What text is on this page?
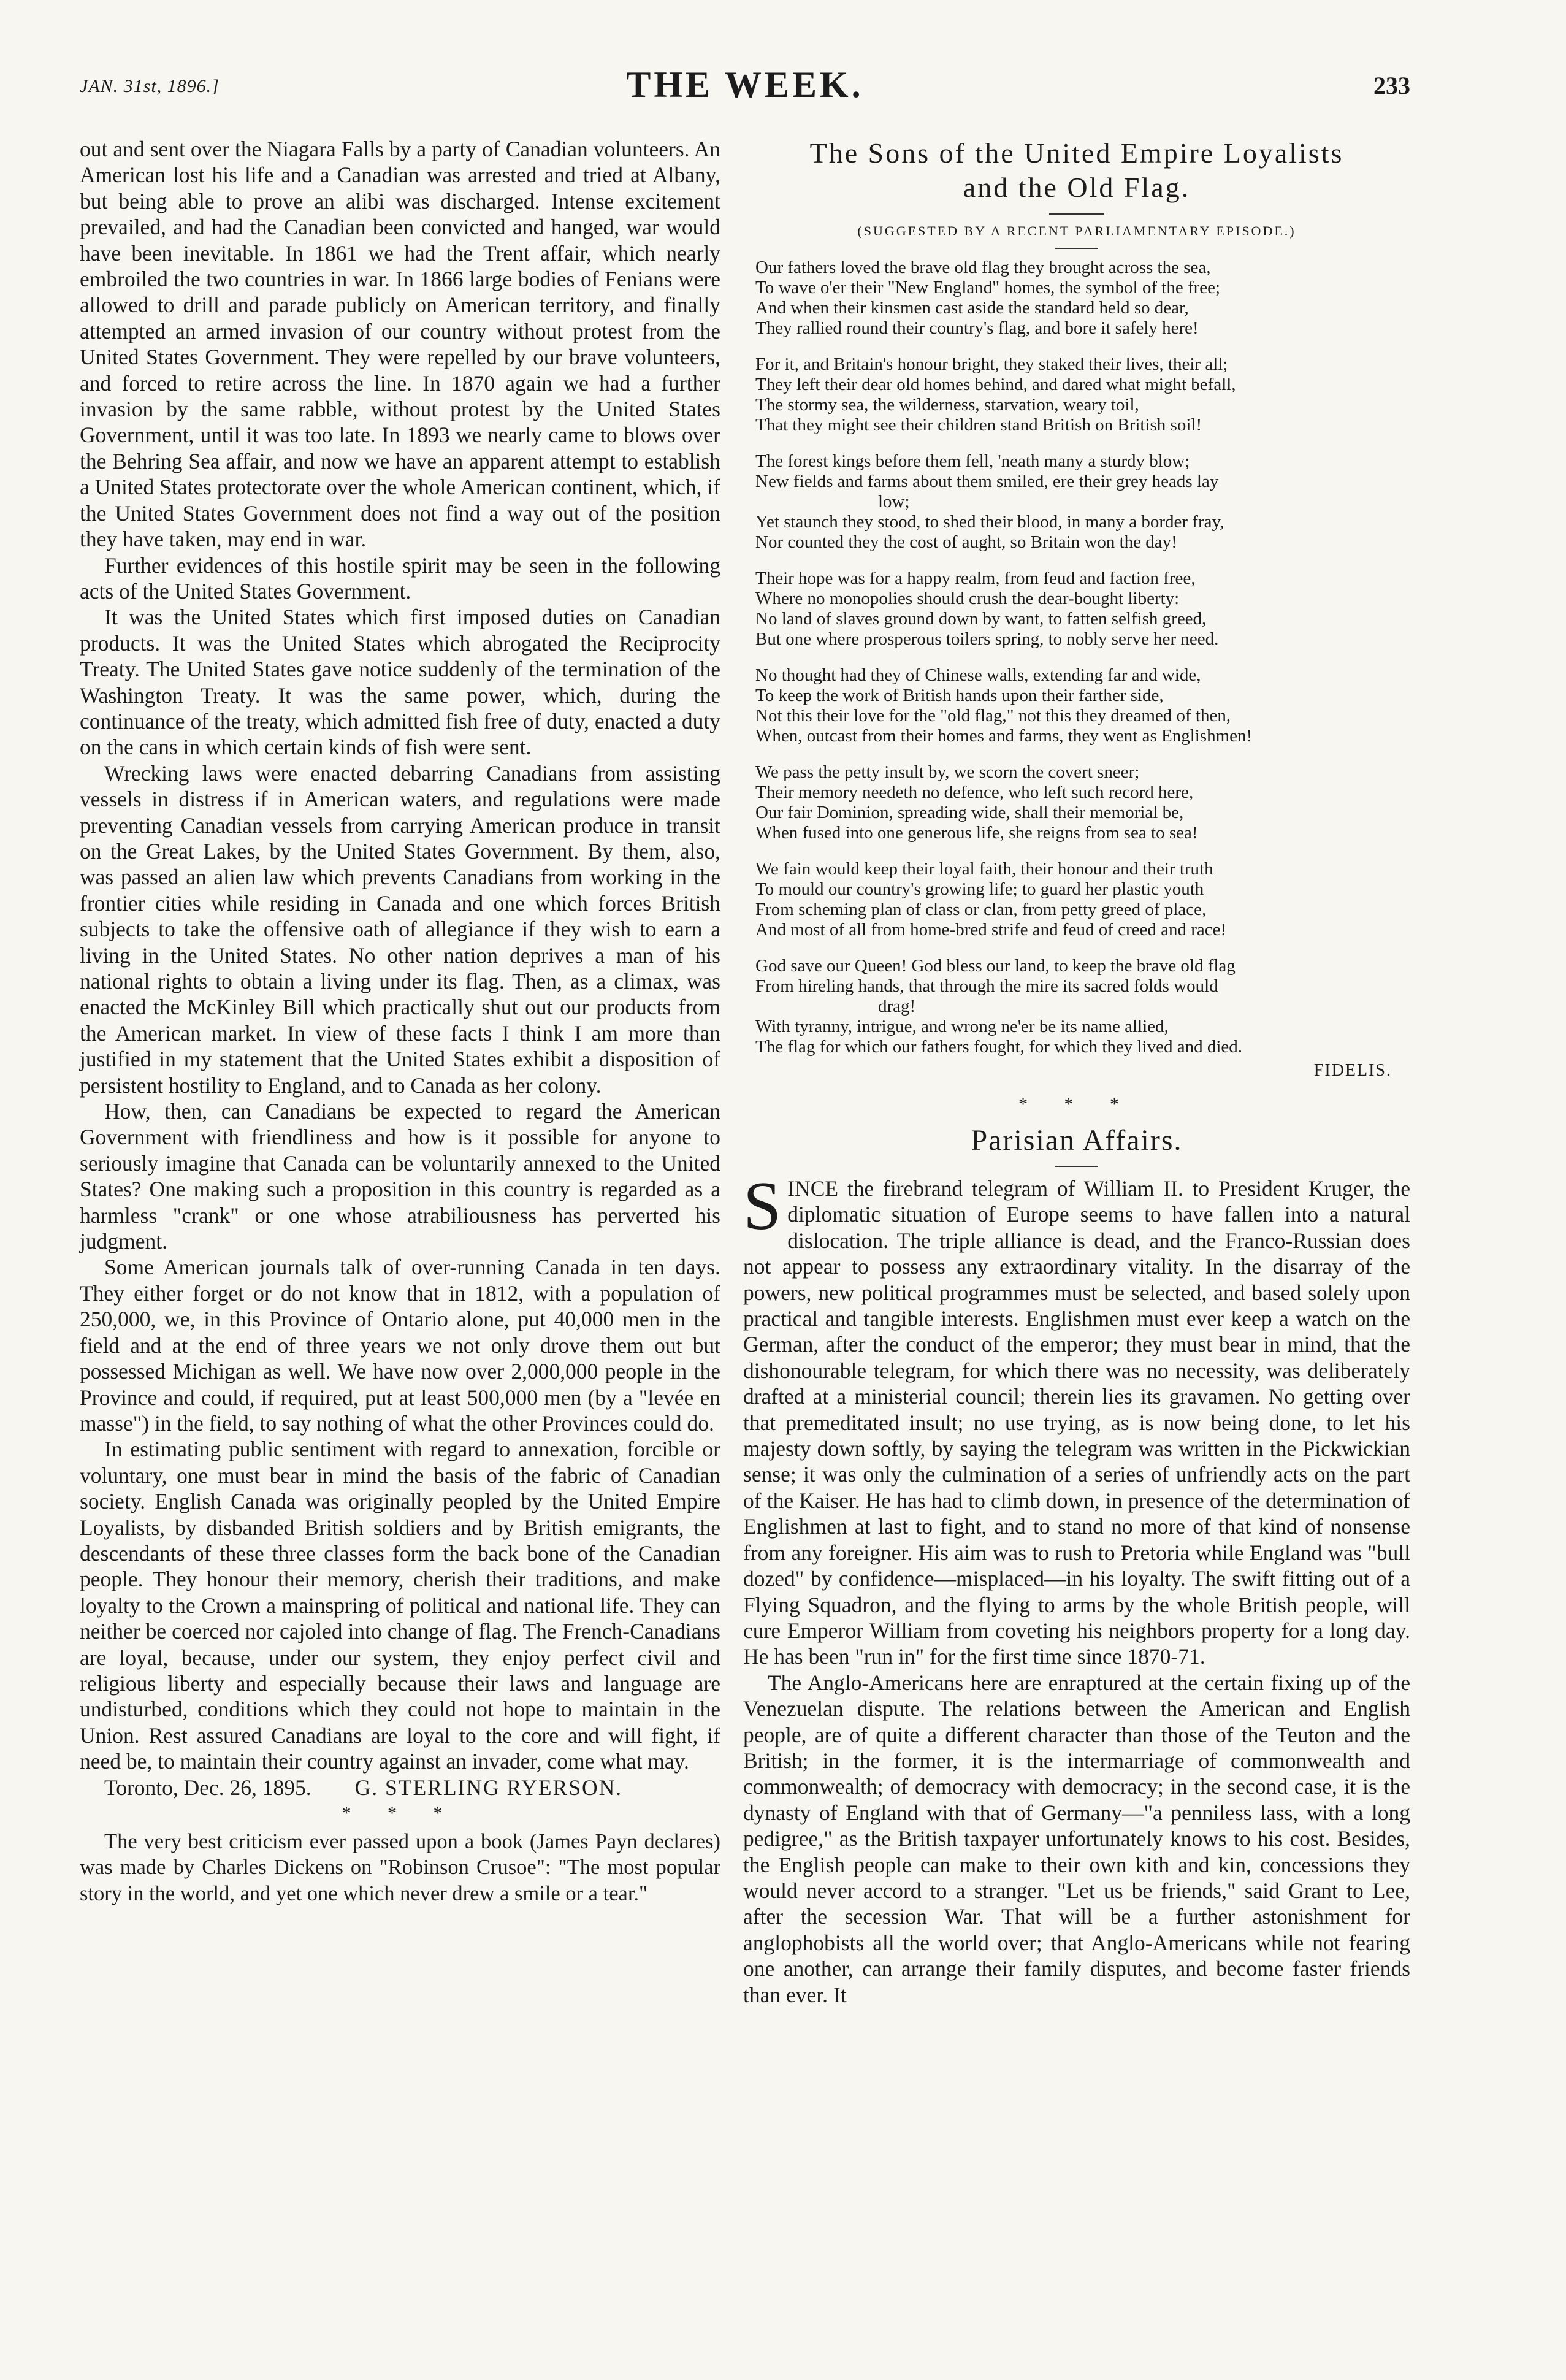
JAN. 31st, 1896.]	THE WEEK.	233

out and sent over the Niagara Falls by a party of Canadian volunteers. An American lost his life and a Canadian was arrested and tried at Albany, but being able to prove an alibi was discharged. Intense excitement prevailed, and had the Canadian been convicted and hanged, war would have been inevitable. In 1861 we had the Trent affair, which nearly embroiled the two countries in war. In 1866 large bodies of Fenians were allowed to drill and parade publicly on American territory, and finally attempted an armed invasion of our country without protest from the United States Government. They were repelled by our brave volunteers, and forced to retire across the line. In 1870 again we had a further invasion by the same rabble, without protest by the United States Government, until it was too late. In 1893 we nearly came to blows over the Behring Sea affair, and now we have an apparent attempt to establish a United States protectorate over the whole American continent, which, if the United States Government does not find a way out of the position they have taken, may end in war.

Further evidences of this hostile spirit may be seen in the following acts of the United States Government.

It was the United States which first imposed duties on Canadian products. It was the United States which abrogated the Reciprocity Treaty. The United States gave notice suddenly of the termination of the Washington Treaty. It was the same power, which, during the continuance of the treaty, which admitted fish free of duty, enacted a duty on the cans in which certain kinds of fish were sent.

Wrecking laws were enacted debarring Canadians from assisting vessels in distress if in American waters, and regulations were made preventing Canadian vessels from carrying American produce in transit on the Great Lakes, by the United States Government. By them, also, was passed an alien law which prevents Canadians from working in the frontier cities while residing in Canada and one which forces British subjects to take the offensive oath of allegiance if they wish to earn a living in the United States. No other nation deprives a man of his national rights to obtain a living under its flag. Then, as a climax, was enacted the McKinley Bill which practically shut out our products from the American market. In view of these facts I think I am more than justified in my statement that the United States exhibit a disposition of persistent hostility to England, and to Canada as her colony.

How, then, can Canadians be expected to regard the American Government with friendliness and how is it possible for anyone to seriously imagine that Canada can be voluntarily annexed to the United States? One making such a proposition in this country is regarded as a harmless "crank" or one whose atrabiliousness has perverted his judgment.

Some American journals talk of over-running Canada in ten days. They either forget or do not know that in 1812, with a population of 250,000, we, in this Province of Ontario alone, put 40,000 men in the field and at the end of three years we not only drove them out but possessed Michigan as well. We have now over 2,000,000 people in the Province and could, if required, put at least 500,000 men (by a "levée en masse") in the field, to say nothing of what the other Provinces could do.

In estimating public sentiment with regard to annexation, forcible or voluntary, one must bear in mind the basis of the fabric of Canadian society. English Canada was originally peopled by the United Empire Loyalists, by disbanded British soldiers and by British emigrants, the descendants of these three classes form the back bone of the Canadian people. They honour their memory, cherish their traditions, and make loyalty to the Crown a mainspring of political and national life. They can neither be coerced nor cajoled into change of flag. The French-Canadians are loyal, because, under our system, they enjoy perfect civil and religious liberty and especially because their laws and language are undisturbed, conditions which they could not hope to maintain in the Union. Rest assured Canadians are loyal to the core and will fight, if need be, to maintain their country against an invader, come what may.

Toronto, Dec. 26, 1895. G. STERLING RYERSON.

* * *

The very best criticism ever passed upon a book (James Payn declares) was made by Charles Dickens on "Robinson Crusoe": "The most popular story in the world, and yet one which never drew a smile or a tear."

The Sons of the United Empire Loyalists
and the Old Flag.
(SUGGESTED BY A RECENT PARLIAMENTARY EPISODE.)
Our fathers loved the brave old flag they brought across the sea,
To wave o'er their "New England" homes, the symbol of the free;
And when their kinsmen cast aside the standard held so dear,
They rallied round their country's flag, and bore it safely here!
For it, and Britain's honour bright, they staked their lives, their all;
They left their dear old homes behind, and dared what might befall,
The stormy sea, the wilderness, starvation, weary toil,
That they might see their children stand British on British soil!
The forest kings before them fell, 'neath many a sturdy blow;
New fields and farms about them smiled, ere their grey heads lay
low;
Yet staunch they stood, to shed their blood, in many a border fray,
Nor counted they the cost of aught, so Britain won the day!
Their hope was for a happy realm, from feud and faction free,
Where no monopolies should crush the dear-bought liberty:
No land of slaves ground down by want, to fatten selfish greed,
But one where prosperous toilers spring, to nobly serve her need.
No thought had they of Chinese walls, extending far and wide,
To keep the work of British hands upon their farther side,
Not this their love for the "old flag," not this they dreamed of then,
When, outcast from their homes and farms, they went as Englishmen!
We pass the petty insult by, we scorn the covert sneer;
Their memory needeth no defence, who left such record here,
Our fair Dominion, spreading wide, shall their memorial be,
When fused into one generous life, she reigns from sea to sea!
We fain would keep their loyal faith, their honour and their truth
To mould our country's growing life; to guard her plastic youth
From scheming plan of class or clan, from petty greed of place,
And most of all from home-bred strife and feud of creed and race!
God save our Queen! God bless our land, to keep the brave old flag
From hireling hands, that through the mire its sacred folds would
drag!
With tyranny, intrigue, and wrong ne'er be its name allied,
The flag for which our fathers fought, for which they lived and died.
FIDELIS.
* * *
Parisian Affairs.

SINCE the firebrand telegram of William II. to President Kruger, the diplomatic situation of Europe seems to have fallen into a natural dislocation. The triple alliance is dead, and the Franco-Russian does not appear to possess any extraordinary vitality. In the disarray of the powers, new political programmes must be selected, and based solely upon practical and tangible interests. Englishmen must ever keep a watch on the German, after the conduct of the emperor; they must bear in mind, that the dishonourable telegram, for which there was no necessity, was deliberately drafted at a ministerial council; therein lies its gravamen. No getting over that premeditated insult; no use trying, as is now being done, to let his majesty down softly, by saying the telegram was written in the Pickwickian sense; it was only the culmination of a series of unfriendly acts on the part of the Kaiser. He has had to climb down, in presence of the determination of Englishmen at last to fight, and to stand no more of that kind of nonsense from any foreigner. His aim was to rush to Pretoria while England was "bull dozed" by confidence—misplaced—in his loyalty. The swift fitting out of a Flying Squadron, and the flying to arms by the whole British people, will cure Emperor William from coveting his neighbors property for a long day. He has been "run in" for the first time since 1870-71.

The Anglo-Americans here are enraptured at the certain fixing up of the Venezuelan dispute. The relations between the American and English people, are of quite a different character than those of the Teuton and the British; in the former, it is the intermarriage of commonwealth and commonwealth; of democracy with democracy; in the second case, it is the dynasty of England with that of Germany—"a penniless lass, with a long pedigree," as the British taxpayer unfortunately knows to his cost. Besides, the English people can make to their own kith and kin, concessions they would never accord to a stranger. "Let us be friends," said Grant to Lee, after the secession War. That will be a further astonishment for anglophobists all the world over; that Anglo-Americans while not fearing one another, can arrange their family disputes, and become faster friends than ever. It
